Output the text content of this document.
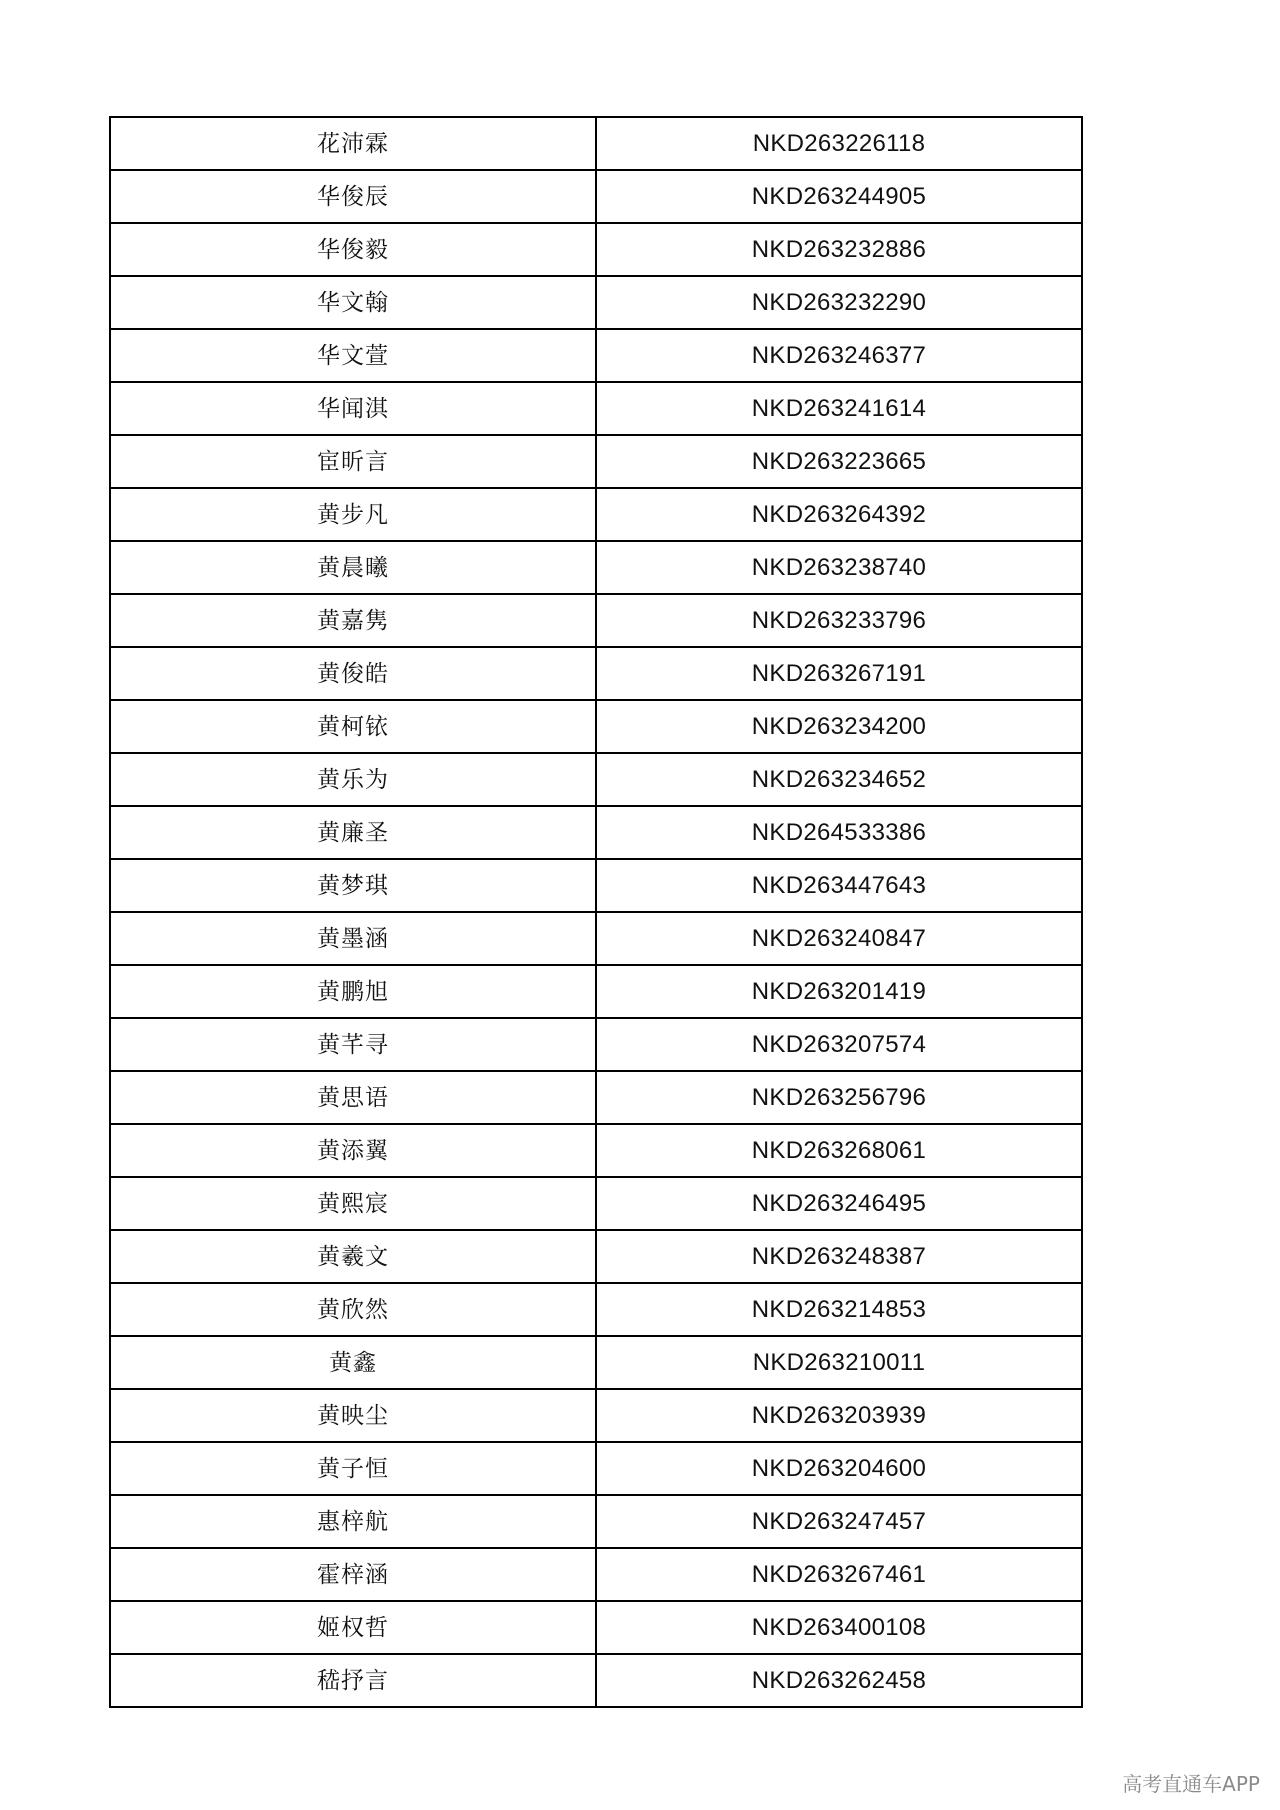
花沛霖	NKD263226118
华俊辰	NKD263244905
华俊毅	NKD263232886
华文翰	NKD263232290
华文萱	NKD263246377
华闻淇	NKD263241614
宦昕言	NKD263223665
黄步凡	NKD263264392
黄晨曦	NKD263238740
黄嘉隽	NKD263233796
黄俊皓	NKD263267191
黄柯铱	NKD263234200
黄乐为	NKD263234652
黄廉圣	NKD264533386
黄梦琪	NKD263447643
黄墨涵	NKD263240847
黄鹏旭	NKD263201419
黄芊寻	NKD263207574
黄思语	NKD263256796
黄添翼	NKD263268061
黄熙宸	NKD263246495
黄羲文	NKD263248387
黄欣然	NKD263214853
黄鑫	NKD263210011
黄映尘	NKD263203939
黄子恒	NKD263204600
惠梓航	NKD263247457
霍梓涵	NKD263267461
姬权哲	NKD263400108
嵇抒言	NKD263262458
高考直通车APP
